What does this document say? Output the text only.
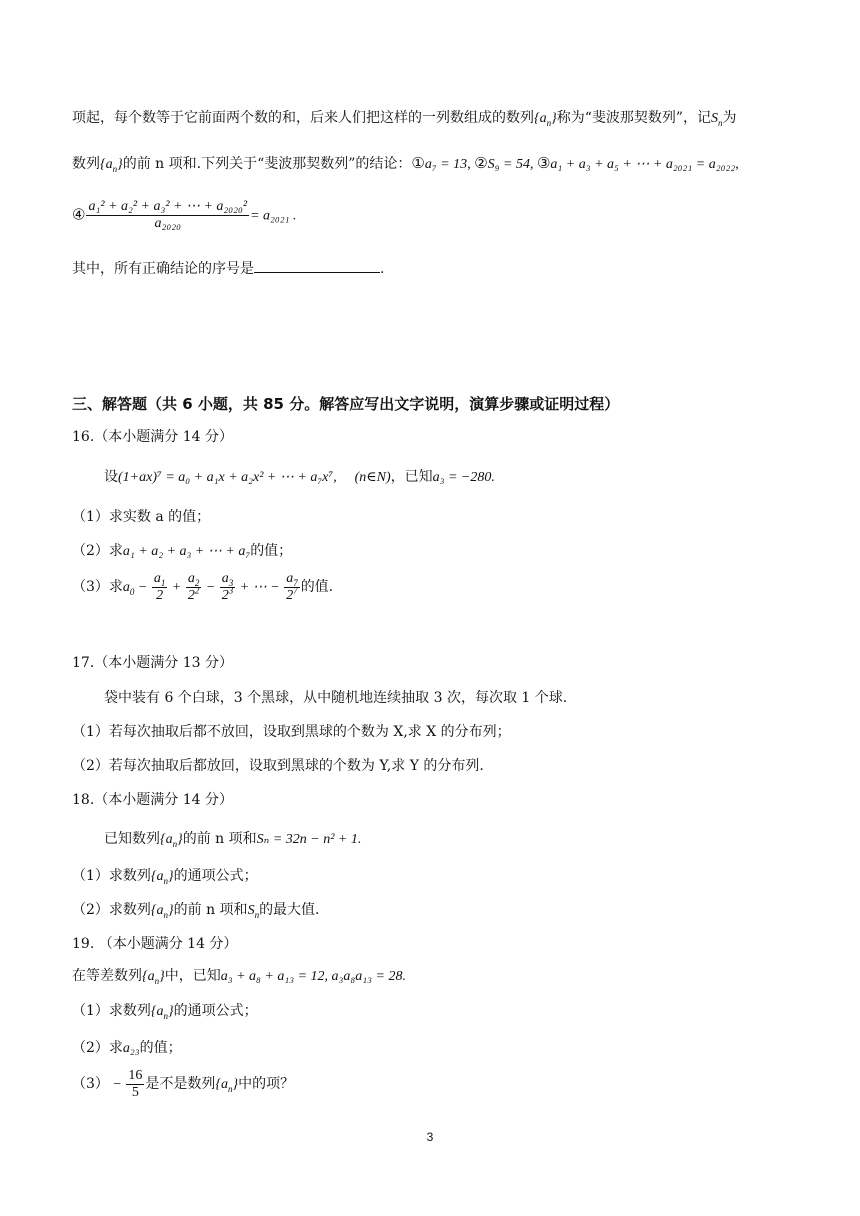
项起，每个数等于它前面两个数的和，后来人们把这样的一列数组成的数列$\{a_n\}$称为“斐波那契数列”，记$S_n$为
数列$\{a_n\}$的前 n 项和.下列关于“斐波那契数列”的结论：①a₇ = 13, ②S₉ = 54, ③a₁ + a₃ + a₅ + ⋯ + a₂₀₂₁ = a₂₀₂₂,
④ $\frac{\text{a₁² + a₂² + a₃² + ⋯ + a₂₀₂₀²}}{\text{a₂₀₂₀}} = a_{2021}$ .
其中，所有正确结论的序号是	.
三、解答题（共 6 小题，共 85 分。解答应写出文字说明，演算步骤或证明过程）
16.（本小题满分 14 分）
设(1+ax)⁷ = a₀ + a₁x + a₂x² + ⋯ + a₇x⁷, (n∈N)，已知a₃ = −280.
（1）求实数 a 的值；
（2）求a₁ + a₂ + a₃ + ⋯ + a₇的值；
（3）求$a_0 - \frac{a_1}{2} + \frac{a_2}{2^2} - \frac{a_3}{2^3}$ + ⋯ − $\frac{a_7}{2^7}$ 的值.
17.（本小题满分 13 分）
袋中装有 6 个白球，3 个黑球，从中随机地连续抽取 3 次，每次取 1 个球.
（1）若每次抽取后都不放回，设取到黑球的个数为 X,求 X 的分布列；
（2）若每次抽取后都放回，设取到黑球的个数为 Y,求 Y 的分布列.
18.（本小题满分 14 分）
已知数列$\{a_n\}$的前 n 项和Sₙ = 32n − n² + 1.
（1）求数列$\{a_n\}$的通项公式；
（2）求数列$\{a_n\}$的前 n 项和$S_n$的最大值.
19. （本小题满分 14 分）
在等差数列$\{a_n\}$中，已知a₃ + a₈ + a₁₃ = 12, a₃a₈a₁₃ = 28.
（1）求数列$\{a_n\}$的通项公式；
（2）求a₂₃的值；
$(3) - \frac{16}{5}$ 是不是数列$\{a_n\}$中的项？
3
